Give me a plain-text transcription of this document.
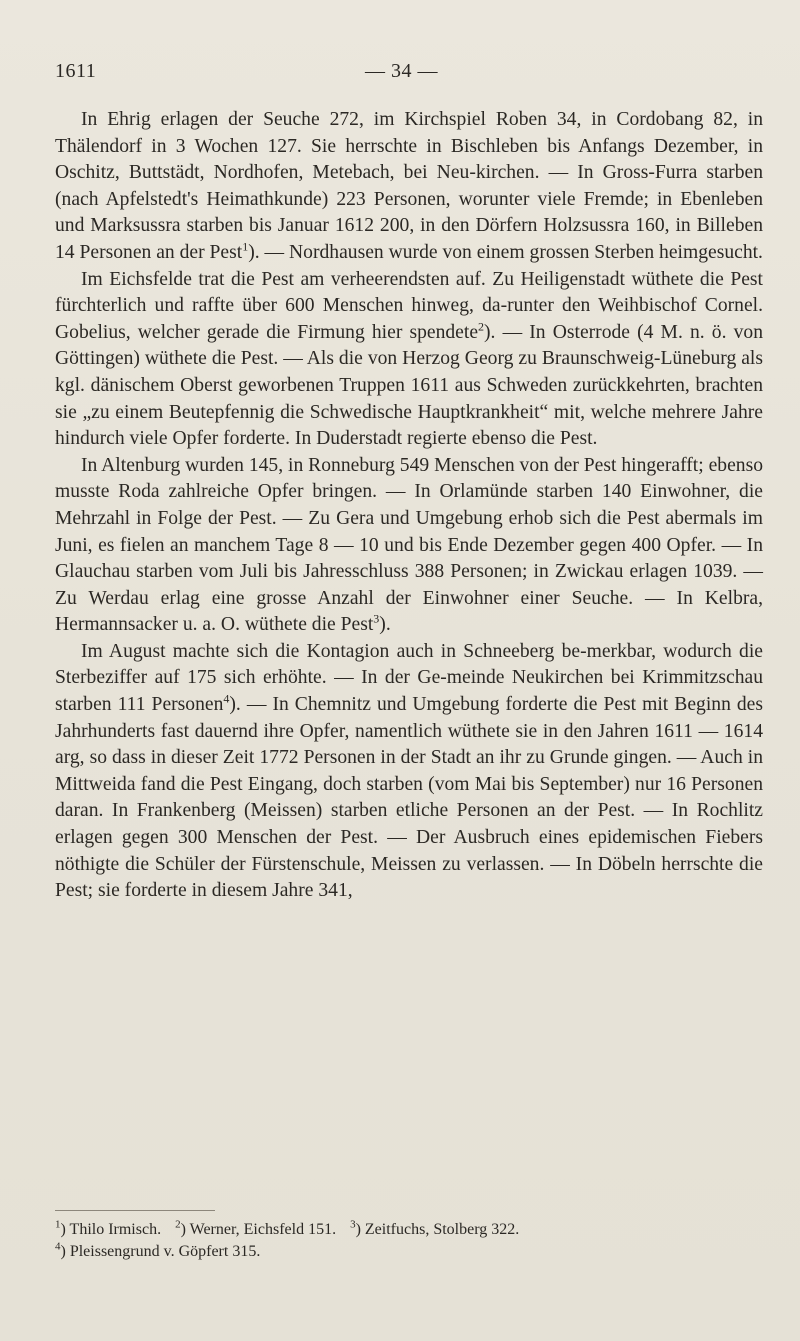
1611	— 34 —

In Ehrig erlagen der Seuche 272, im Kirchspiel Roben 34, in Cordobang 82, in Thälendorf in 3 Wochen 127. Sie herrschte in Bischleben bis Anfangs Dezember, in Oschitz, Buttstädt, Nordhofen, Metebach, bei Neu-kirchen. — In Gross-Furra starben (nach Apfelstedt's Heimathkunde) 223 Personen, worunter viele Fremde; in Ebenleben und Marksussra starben bis Januar 1612 200, in den Dörfern Holzsussra 160, in Billeben 14 Personen an der Pest$^1$). — Nordhausen wurde von einem grossen Sterben heimgesucht.

Im Eichsfelde trat die Pest am verheerendsten auf. Zu Heiligenstadt wüthete die Pest fürchterlich und raffte über 600 Menschen hinweg, da-runter den Weihbischof Cornel. Gobelius, welcher gerade die Firmung hier spendete$^2$). — In Osterrode (4 M. n. ö. von Göttingen) wüthete die Pest. — Als die von Herzog Georg zu Braunschweig-Lüneburg als kgl. dänischem Oberst geworbenen Truppen 1611 aus Schweden zurückkehrten, brachten sie „zu einem Beutepfennig die Schwedische Hauptkrankheit“ mit, welche mehrere Jahre hindurch viele Opfer forderte. In Duderstadt regierte ebenso die Pest.

In Altenburg wurden 145, in Ronneburg 549 Menschen von der Pest hingerafft; ebenso musste Roda zahlreiche Opfer bringen. — In Orlamünde starben 140 Einwohner, die Mehrzahl in Folge der Pest. — Zu Gera und Umgebung erhob sich die Pest abermals im Juni, es fielen an manchem Tage 8 — 10 und bis Ende Dezember gegen 400 Opfer. — In Glauchau starben vom Juli bis Jahresschluss 388 Personen; in Zwickau erlagen 1039. — Zu Werdau erlag eine grosse Anzahl der Einwohner einer Seuche. — In Kelbra, Hermannsacker u. a. O. wüthete die Pest$^3$).

Im August machte sich die Kontagion auch in Schneeberg be-merkbar, wodurch die Sterbeziffer auf 175 sich erhöhte. — In der Ge-meinde Neukirchen bei Krimmitzschau starben 111 Personen$^4$). — In Chemnitz und Umgebung forderte die Pest mit Beginn des Jahrhunderts fast dauernd ihre Opfer, namentlich wüthete sie in den Jahren 1611 — 1614 arg, so dass in dieser Zeit 1772 Personen in der Stadt an ihr zu Grunde gingen. — Auch in Mittweida fand die Pest Eingang, doch starben (vom Mai bis September) nur 16 Personen daran. In Frankenberg (Meissen) starben etliche Personen an der Pest. — In Rochlitz erlagen gegen 300 Menschen der Pest. — Der Ausbruch eines epidemischen Fiebers nöthigte die Schüler der Fürstenschule, Meissen zu verlassen. — In Döbeln herrschte die Pest; sie forderte in diesem Jahre 341,

$^1$) Thilo Irmisch. $^2$) Werner, Eichsfeld 151. $^3$) Zeitfuchs, Stolberg 322.
$^4$) Pleissengrund v. Göpfert 315.
